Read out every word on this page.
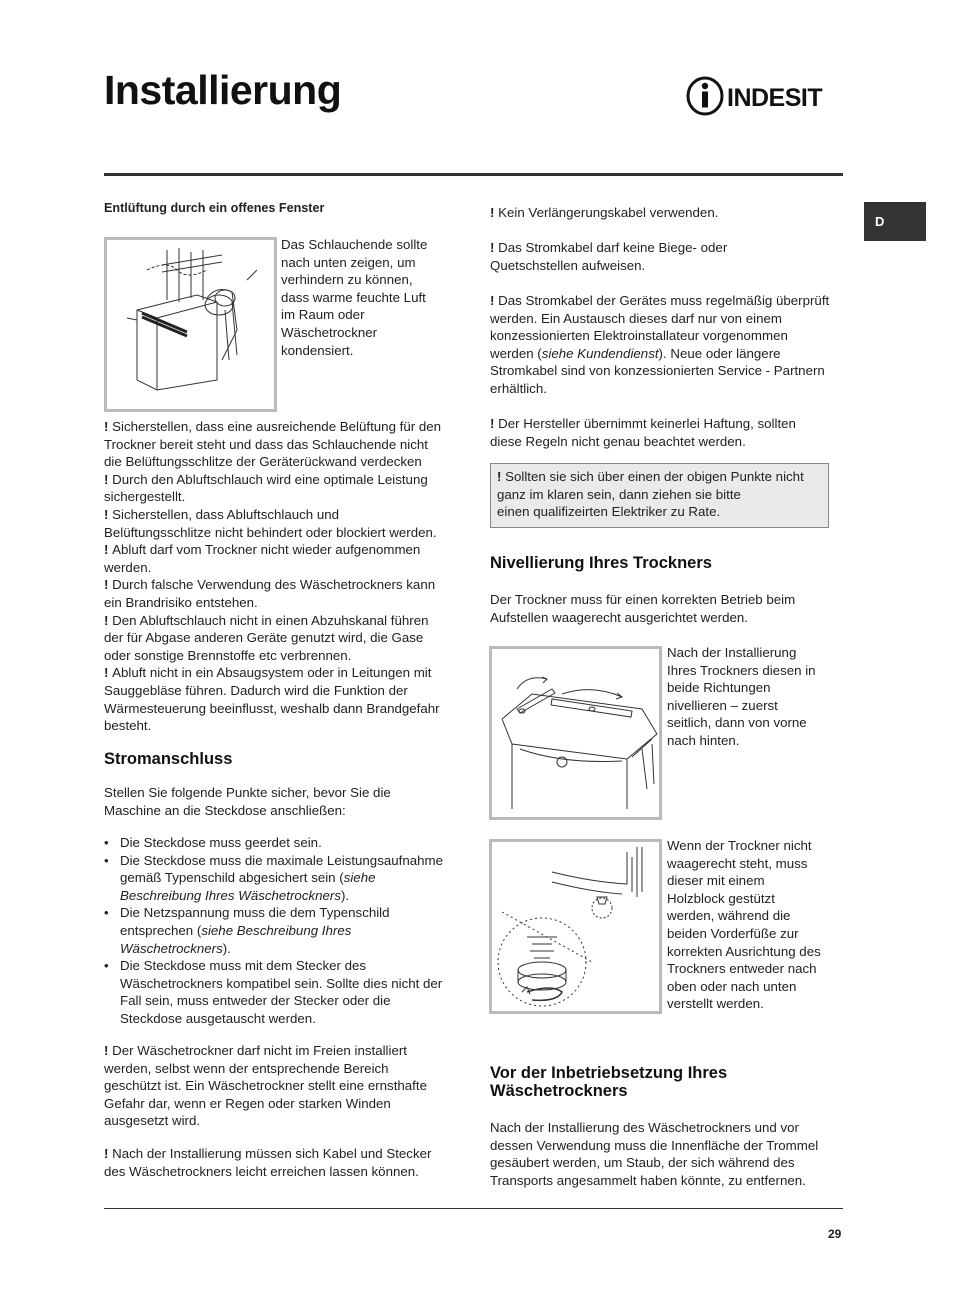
Installierung	INDESIT
D

Entlüftung durch ein offenes Fenster

Das Schlauchende sollte

nach unten zeigen, um

verhindern zu können,

dass warme feuchte Luft

im Raum oder

Wäschetrockner

kondensiert.

! Sicherstellen, dass eine ausreichende Belüftung für den Trockner bereit steht und dass das Schlauchende nicht die Belüftungsschlitze der Geräterückwand verdecken

! Durch den Abluftschlauch wird eine optimale Leistung sichergestellt.

! Sicherstellen, dass Abluftschlauch und Belüftungsschlitze nicht behindert oder blockiert werden.

! Abluft darf vom Trockner nicht wieder aufgenommen werden.

! Durch falsche Verwendung des Wäschetrockners kann ein Brandrisiko entstehen.

! Den Abluftschlauch nicht in einen Abzuhskanal führen der für Abgase anderen Geräte genutzt wird, die Gase oder sonstige Brennstoffe etc verbrennen.

! Abluft nicht in ein Absaugsystem oder in Leitungen mit Sauggebläse führen. Dadurch wird die Funktion der Wärmesteuerung beeinflusst, weshalb dann Brandgefahr besteht.

Stromanschluss

Stellen Sie folgende Punkte sicher, bevor Sie die Maschine an die Steckdose anschließen:

• Die Steckdose muss geerdet sein.
• Die Steckdose muss die maximale Leistungsaufnahme gemäß Typenschild abgesichert sein (siehe Beschreibung Ihres Wäschetrockners).
• Die Netzspannung muss die dem Typenschild entsprechen (siehe Beschreibung Ihres Wäschetrockners).
• Die Steckdose muss mit dem Stecker des Wäschetrockners kompatibel sein. Sollte dies nicht der Fall sein, muss entweder der Stecker oder die Steckdose ausgetauscht werden.

! Der Wäschetrockner darf nicht im Freien installiert werden, selbst wenn der entsprechende Bereich geschützt ist. Ein Wäschetrockner stellt eine ernsthafte Gefahr dar, wenn er Regen oder starken Winden ausgesetzt wird.

! Nach der Installierung müssen sich Kabel und Stecker des Wäschetrockners leicht erreichen lassen können.

! Kein Verlängerungskabel verwenden.

! Das Stromkabel darf keine Biege- oder Quetschstellen aufweisen.

! Das Stromkabel der Gerätes muss regelmäßig überprüft werden. Ein Austausch dieses darf nur von einem konzessionierten Elektroinstallateur vorgenommen werden (siehe Kundendienst). Neue oder längere Stromkabel sind von konzessionierten Service - Partnern erhältlich.

! Der Hersteller übernimmt keinerlei Haftung, sollten diese Regeln nicht genau beachtet werden.

! Sollten sie sich über einen der obigen Punkte nicht

ganz im klaren sein, dann ziehen sie bitte

einen qualifizeirten Elektriker zu Rate.

Nivellierung Ihres Trockners

Der Trockner muss für einen korrekten Betrieb beim Aufstellen waagerecht ausgerichtet werden.

Nach der Installierung

Ihres Trockners diesen in

beide Richtungen

nivellieren – zuerst

seitlich, dann von vorne

nach hinten.

Wenn der Trockner nicht

waagerecht steht, muss

dieser mit einem

Holzblock gestützt

werden, während die

beiden Vorderfüße zur

korrekten Ausrichtung des

Trockners entweder nach

oben oder nach unten

verstellt werden.

Vor der Inbetriebsetzung Ihres
Wäschetrockners

Nach der Installierung des Wäschetrockners und vor dessen Verwendung muss die Innenfläche der Trommel gesäubert werden, um Staub, der sich während des Transports angesammelt haben könnte, zu entfernen.

29
